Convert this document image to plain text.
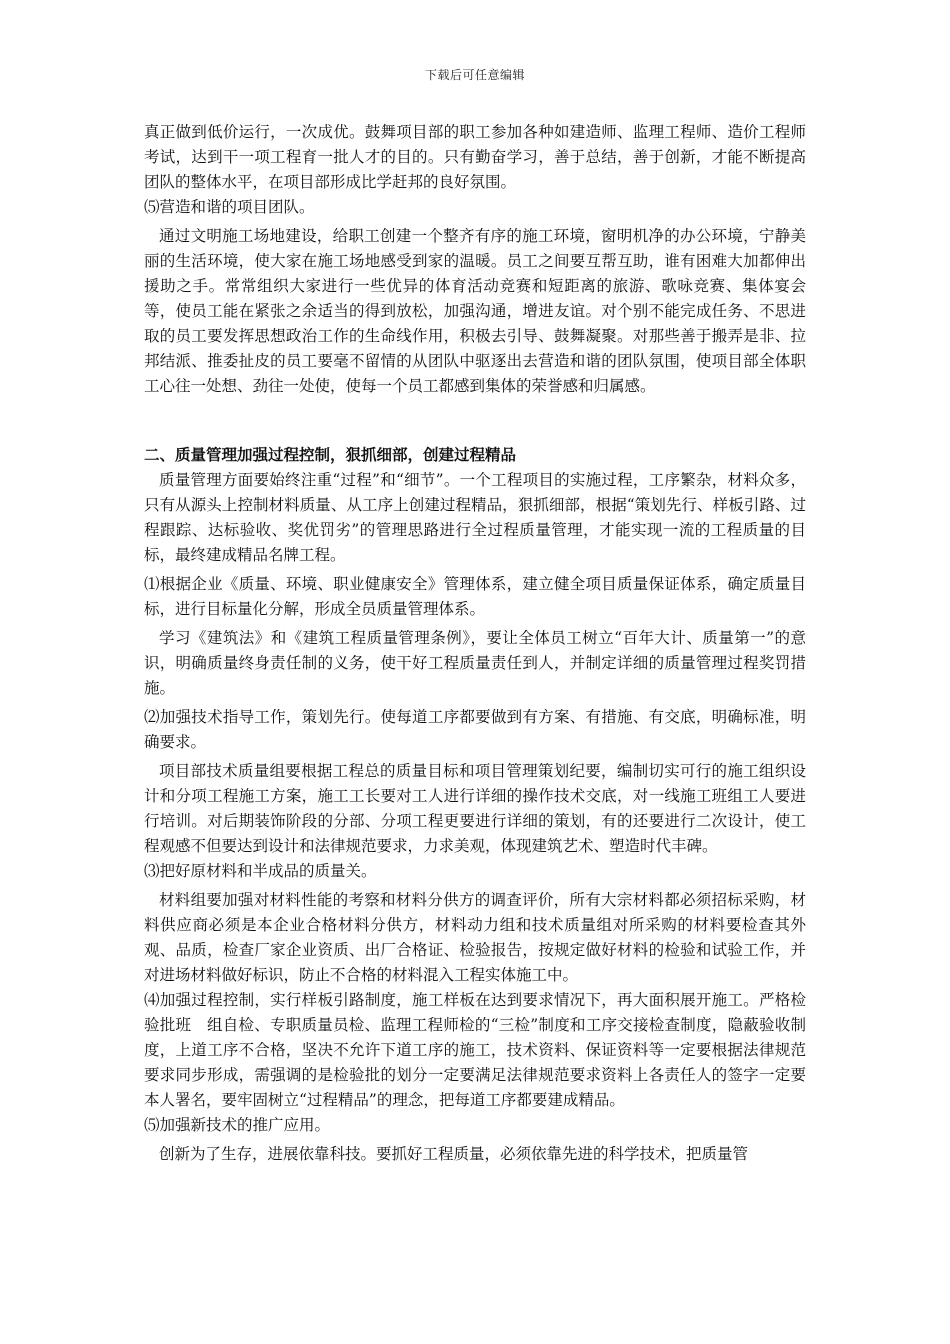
下载后可任意编辑

真正做到低价运行，一次成优。鼓舞项目部的职工参加各种如建造师、监理工程师、造价工程师考试，达到干一项工程育一批人才的目的。只有勤奋学习，善于总结，善于创新，才能不断提高团队的整体水平，在项目部形成比学赶邦的良好氛围。

⑸营造和谐的项目团队。

通过文明施工场地建设，给职工创建一个整齐有序的施工环境，窗明机净的办公环境，宁静美丽的生活环境，使大家在施工场地感受到家的温暖。员工之间要互帮互助，谁有困难大加都伸出援助之手。常常组织大家进行一些优异的体育活动竞赛和短距离的旅游、歌咏竞赛、集体宴会等，使员工能在紧张之余适当的得到放松，加强沟通，增进友谊。对个别不能完成任务、不思进取的员工要发挥思想政治工作的生命线作用，积极去引导、鼓舞凝聚。对那些善于搬弄是非、拉邦结派、推委扯皮的员工要毫不留情的从团队中驱逐出去营造和谐的团队氛围，使项目部全体职工心往一处想、劲往一处使，使每一个员工都感到集体的荣誉感和归属感。

二、质量管理加强过程控制，狠抓细部，创建过程精品

质量管理方面要始终注重“过程”和“细节”。一个工程项目的实施过程，工序繁杂，材料众多，只有从源头上控制材料质量、从工序上创建过程精品，狠抓细部，根据“策划先行、样板引路、过程跟踪、达标验收、奖优罚劣”的管理思路进行全过程质量管理，才能实现一流的工程质量的目标，最终建成精品名牌工程。

⑴根据企业《质量、环境、职业健康安全》管理体系，建立健全项目质量保证体系，确定质量目标，进行目标量化分解，形成全员质量管理体系。

学习《建筑法》和《建筑工程质量管理条例》，要让全体员工树立“百年大计、质量第一”的意识，明确质量终身责任制的义务，使干好工程质量责任到人，并制定详细的质量管理过程奖罚措施。

⑵加强技术指导工作，策划先行。使每道工序都要做到有方案、有措施、有交底，明确标准，明确要求。

项目部技术质量组要根据工程总的质量目标和项目管理策划纪要，编制切实可行的施工组织设计和分项工程施工方案，施工工长要对工人进行详细的操作技术交底，对一线施工班组工人要进行培训。对后期装饰阶段的分部、分项工程更要进行详细的策划，有的还要进行二次设计，使工程观感不但要达到设计和法律规范要求，力求美观，体现建筑艺术、塑造时代丰碑。

⑶把好原材料和半成品的质量关。

材料组要加强对材料性能的考察和材料分供方的调查评价，所有大宗材料都必须招标采购，材料供应商必须是本企业合格材料分供方，材料动力组和技术质量组对所采购的材料要检查其外观、品质，检查厂家企业资质、出厂合格证、检验报告，按规定做好材料的检验和试验工作，并对进场材料做好标识，防止不合格的材料混入工程实体施工中。

⑷加强过程控制，实行样板引路制度，施工样板在达到要求情况下，再大面积展开施工。严格检验批班　组自检、专职质量员检、监理工程师检的“三检”制度和工序交接检查制度，隐蔽验收制度，上道工序不合格，坚决不允许下道工序的施工，技术资料、保证资料等一定要根据法律规范要求同步形成，需强调的是检验批的划分一定要满足法律规范要求资料上各责任人的签字一定要本人署名，要牢固树立“过程精品”的理念，把每道工序都要建成精品。

⑸加强新技术的推广应用。

创新为了生存，进展依靠科技。要抓好工程质量，必须依靠先进的科学技术，把质量管
